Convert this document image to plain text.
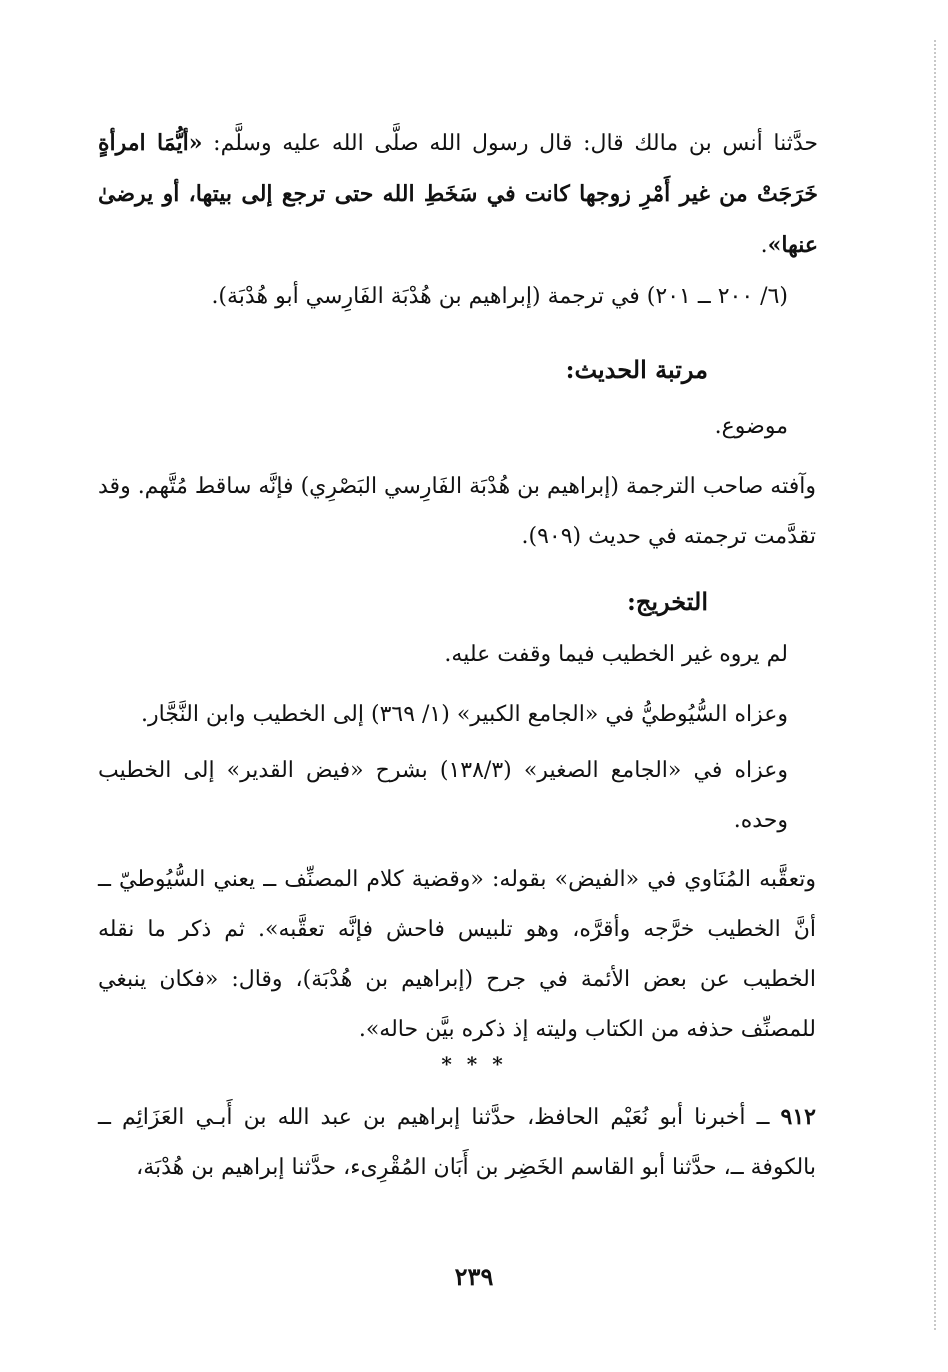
حدَّثنا أنس بن مالك قال: قال رسول الله صلَّى الله عليه وسلَّم: «أيُّمَا امرأةٍ خَرَجَتْ من غير أَمْرِ زوجها كانت في سَخَطِ الله حتى ترجع إلى بيتها، أو يرضىٰ عنها».

(٦/ ٢٠٠ ــ ٢٠١) في ترجمة (إبراهيم بن هُدْبَة الفَارِسي أبو هُدْبَة).

مرتبة الحديث:

موضوع.

وآفته صاحب الترجمة (إبراهيم بن هُدْبَة الفَارِسي البَصْرِي) فإنَّه ساقط مُتَّهم. وقد تقدَّمت ترجمته في حديث (٩٠٩).

التخريج:

لم يروه غير الخطيب فيما وقفت عليه.

وعزاه السُّيُوطيُّ في «الجامع الكبير» (١/ ٣٦٩) إلى الخطيب وابن النَّجَّار.

وعزاه في «الجامع الصغير» (١٣٨/٣) بشرح «فيض القدير» إلى الخطيب وحده.

وتعقَّبه المُنَاوي في «الفيض» بقوله: «وقضية كلام المصنِّف ــ يعني السُّيُوطيّ ــ أنَّ الخطيب خرَّجه وأقرَّه، وهو تلبيس فاحش فإنَّه تعقَّبه». ثم ذكر ما نقله الخطيب عن بعض الأئمة في جرح (إبراهيم بن هُدْبَة)، وقال: «فكان ينبغي للمصنِّف حذفه من الكتاب وليته إذ ذكره بيَّن حاله».

* * *

٩١٢ ــ أخبرنا أبو نُعَيْم الحافظ، حدَّثنا إبراهيم بن عبد الله بن أَبـي العَزَائِم ــ بالكوفة ــ، حدَّثنا أبو القاسم الخَضِر بن أَبَان المُقْرِىء، حدَّثنا إبراهيم بن هُدْبَة،

٢٣٩
